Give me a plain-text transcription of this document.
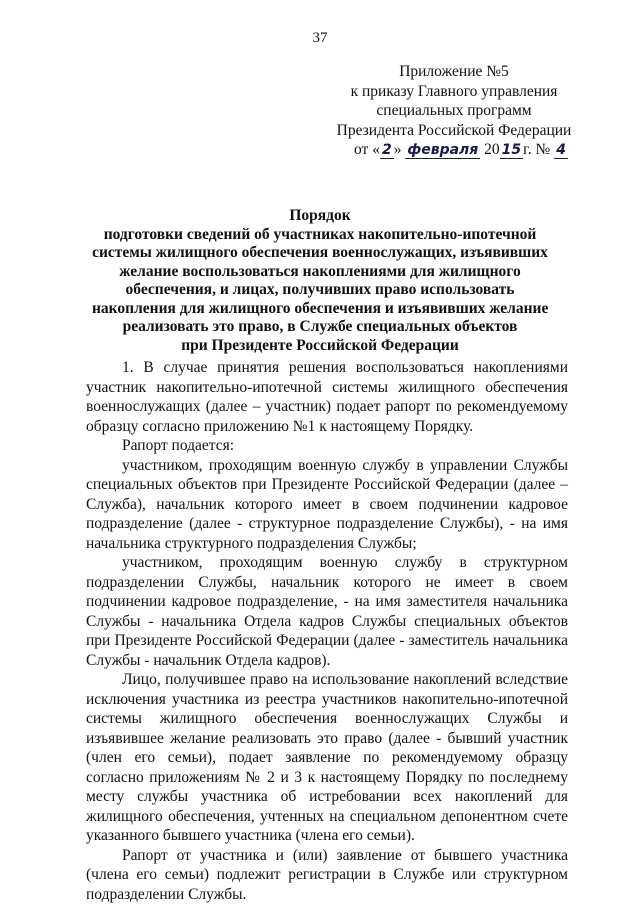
37
Приложение №5
к приказу Главного управления
специальных программ
Президента Российской Федерации
от « 2 » февраля 20 15 г. № 4
Порядок
подготовки сведений об участниках накопительно-ипотечной
системы жилищного обеспечения военнослужащих, изъявивших
желание воспользоваться накоплениями для жилищного
обеспечения, и лицах, получивших право использовать
накопления для жилищного обеспечения и изъявивших желание
реализовать это право, в Службе специальных объектов
при Президенте Российской Федерации

1. В случае принятия решения воспользоваться накоплениями участник накопительно-ипотечной системы жилищного обеспечения военнослужащих (далее – участник) подает рапорт по рекомендуемому образцу согласно приложению №1 к настоящему Порядку.

Рапорт подается:

участником, проходящим военную службу в управлении Службы специальных объектов при Президенте Российской Федерации (далее – Служба), начальник которого имеет в своем подчинении кадровое подразделение (далее - структурное подразделение Службы), - на имя начальника структурного подразделения Службы;

участником, проходящим военную службу в структурном подразделении Службы, начальник которого не имеет в своем подчинении кадровое подразделение, - на имя заместителя начальника Службы - начальника Отдела кадров Службы специальных объектов при Президенте Российской Федерации (далее - заместитель начальника Службы - начальник Отдела кадров).

Лицо, получившее право на использование накоплений вследствие исключения участника из реестра участников накопительно-ипотечной системы жилищного обеспечения военнослужащих Службы и изъявившее желание реализовать это право (далее - бывший участник (член его семьи), подает заявление по рекомендуемому образцу согласно приложениям № 2 и 3 к настоящему Порядку по последнему месту службы участника об истребовании всех накоплений для жилищного обеспечения, учтенных на специальном депонентном счете указанного бывшего участника (члена его семьи).

Рапорт от участника и (или) заявление от бывшего участника (члена его семьи) подлежит регистрации в Службе или структурном подразделении Службы.
